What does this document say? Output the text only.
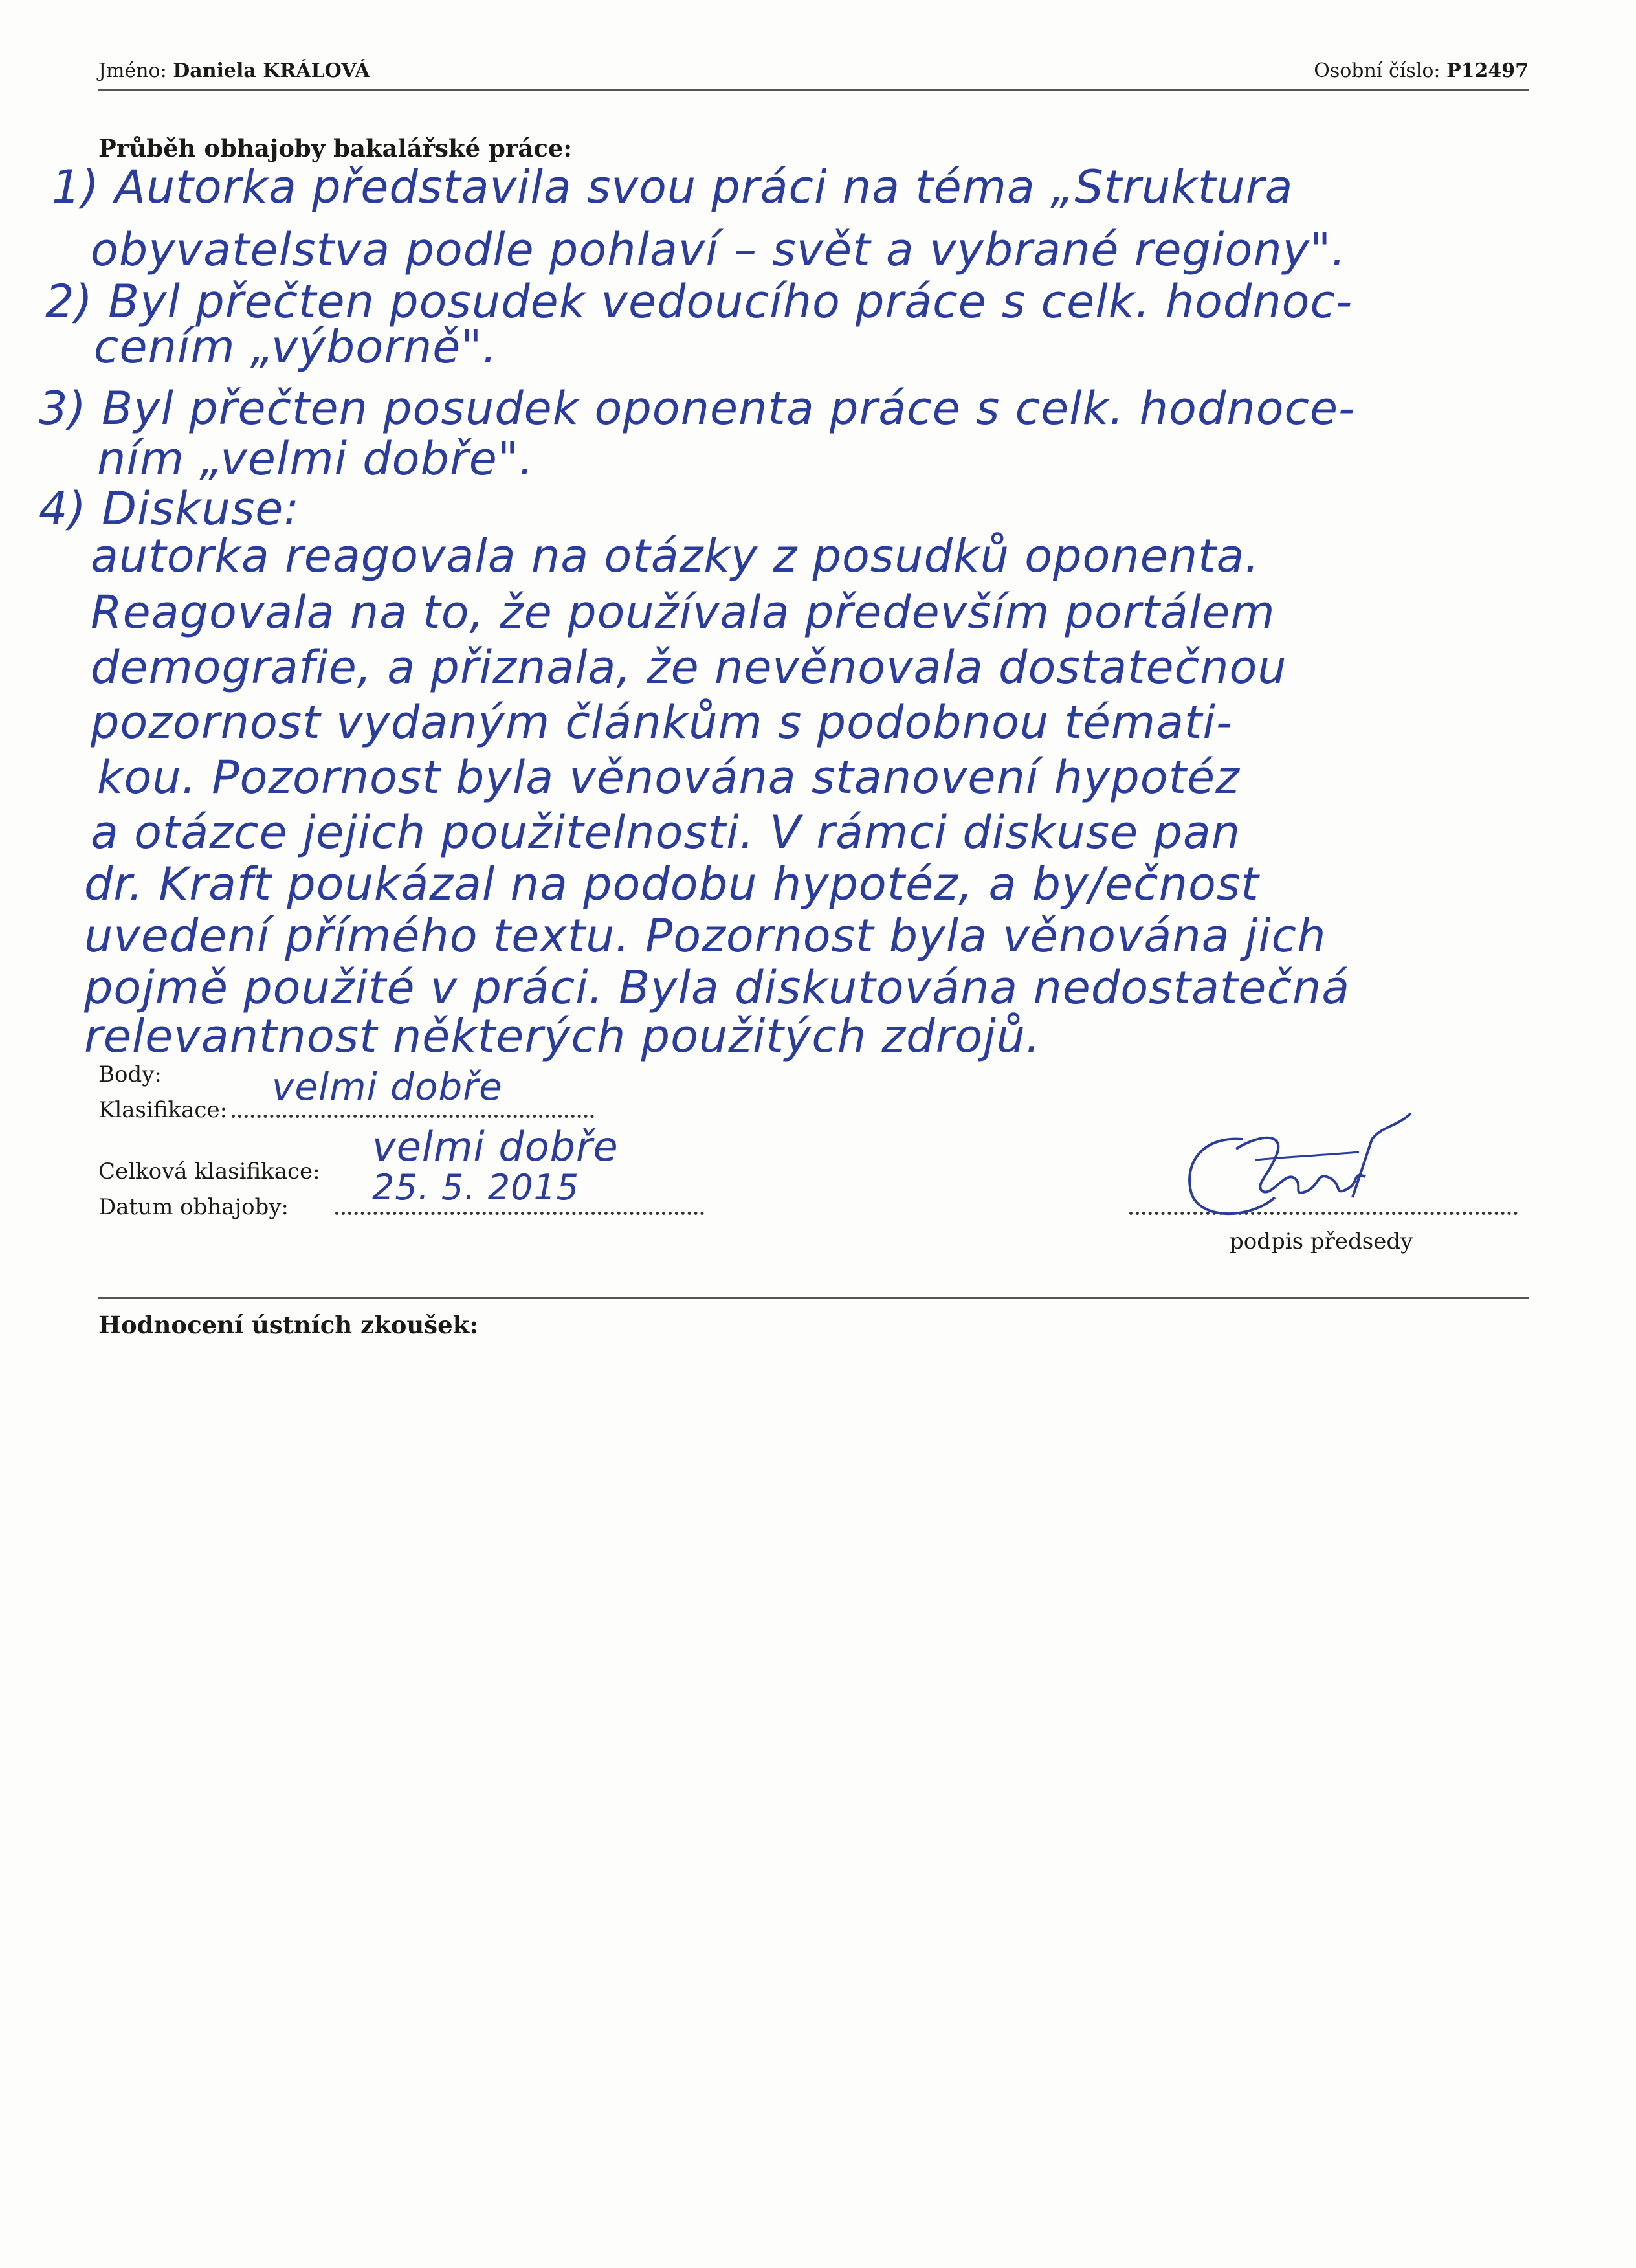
Jméno: Daniela KRÁLOVÁ	Osobní číslo: P12497
Průběh obhajoby bakalářské práce:
1) Autorka představila svou práci na téma „Struktura
obyvatelstva podle pohlaví – svět a vybrané regiony".
2) Byl přečten posudek vedoucího práce s celk. hodnoc-
cením „výborně".
3) Byl přečten posudek oponenta práce s celk. hodnoce-
ním „velmi dobře".
4) Diskuse:
autorka reagovala na otázky z posudků oponenta.
Reagovala na to, že používala především portálem
demografie, a přiznala, že nevěnovala dostatečnou
pozornost vydaným článkům s podobnou témati-
kou. Pozornost byla věnována stanovení hypotéz
a otázce jejich použitelnosti. V rámci diskuse pan
dr. Kraft poukázal na podobu hypotéz, a by/ečnost
uvedení přímého textu. Pozornost byla věnována jich
pojmě použité v práci. Byla diskutována nedostatečná
relevantnost některých použitých zdrojů.
Body:
Klasifikace:
velmi dobře
Celková klasifikace:
velmi dobře
Datum obhajoby: 25. 5. 2015
podpis předsedy
Hodnocení ústních zkoušek:
